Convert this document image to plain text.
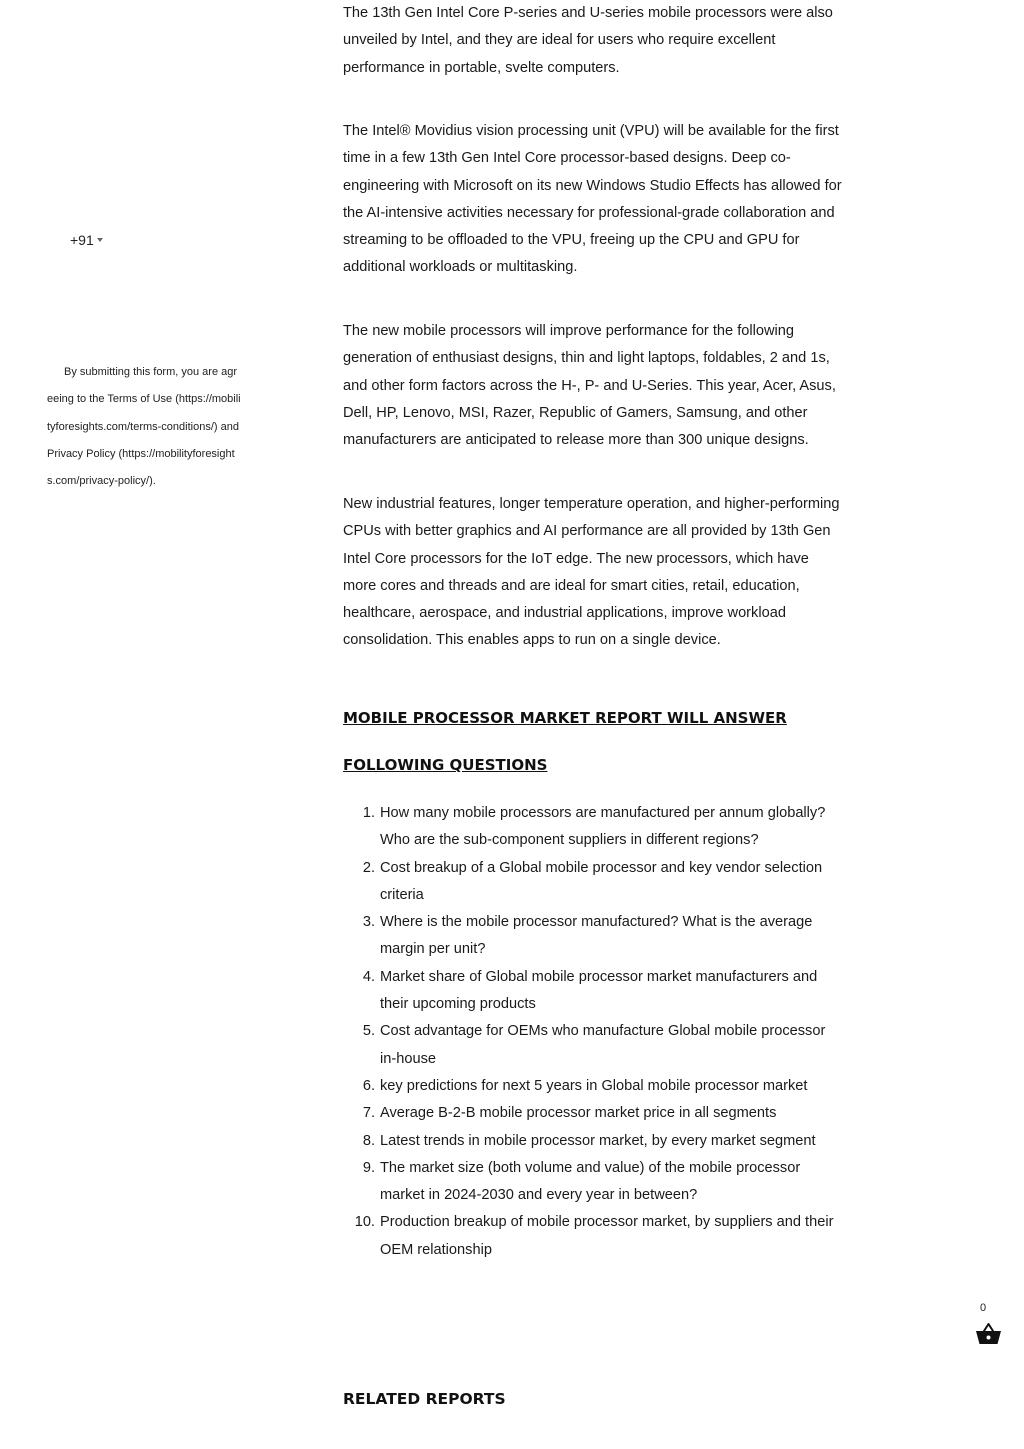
+91
By submitting this form, you are agreeing to the Terms of Use (https://mobilityforesights.com/terms-conditions/) and Privacy Policy (https://mobilityforesights.com/privacy-policy/).

The 13th Gen Intel Core P-series and U-series mobile processors were also unveiled by Intel, and they are ideal for users who require excellent performance in portable, svelte computers.

The Intel® Movidius vision processing unit (VPU) will be available for the first time in a few 13th Gen Intel Core processor-based designs. Deep co-engineering with Microsoft on its new Windows Studio Effects has allowed for the AI-intensive activities necessary for professional-grade collaboration and streaming to be offloaded to the VPU, freeing up the CPU and GPU for additional workloads or multitasking.

The new mobile processors will improve performance for the following generation of enthusiast designs, thin and light laptops, foldables, 2 and 1s, and other form factors across the H-, P- and U-Series. This year, Acer, Asus, Dell, HP, Lenovo, MSI, Razer, Republic of Gamers, Samsung, and other manufacturers are anticipated to release more than 300 unique designs.

New industrial features, longer temperature operation, and higher-performing CPUs with better graphics and AI performance are all provided by 13th Gen Intel Core processors for the IoT edge. The new processors, which have more cores and threads and are ideal for smart cities, retail, education, healthcare, aerospace, and industrial applications, improve workload consolidation. This enables apps to run on a single device.

MOBILE PROCESSOR MARKET REPORT WILL ANSWER
FOLLOWING QUESTIONS
1. How many mobile processors are manufactured per annum globally? Who are the sub-component suppliers in different regions?
2. Cost breakup of a Global mobile processor and key vendor selection criteria
3. Where is the mobile processor manufactured? What is the average margin per unit?
4. Market share of Global mobile processor market manufacturers and their upcoming products
5. Cost advantage for OEMs who manufacture Global mobile processor in-house
6. key predictions for next 5 years in Global mobile processor market
7. Average B-2-B mobile processor market price in all segments
8. Latest trends in mobile processor market, by every market segment
9. The market size (both volume and value) of the mobile processor market in 2024-2030 and every year in between?
10. Production breakup of mobile processor market, by suppliers and their OEM relationship
RELATED REPORTS
0
